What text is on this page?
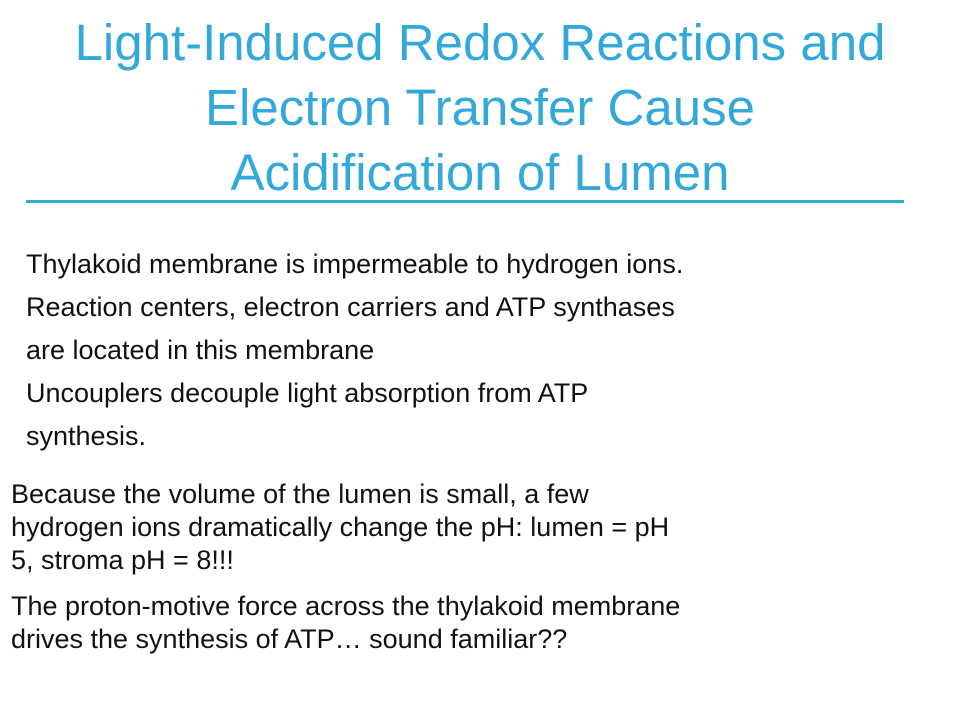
Light-Induced Redox Reactions and
Electron Transfer Cause
Acidification of Lumen

Thylakoid membrane is impermeable to hydrogen ions.

Reaction centers, electron carriers and ATP synthases

are located in this membrane

Uncouplers decouple light absorption from ATP

synthesis.

Because the volume of the lumen is small, a few
hydrogen ions dramatically change the pH: lumen = pH
5, stroma pH = 8!!!

The proton-motive force across the thylakoid membrane
drives the synthesis of ATP… sound familiar??
